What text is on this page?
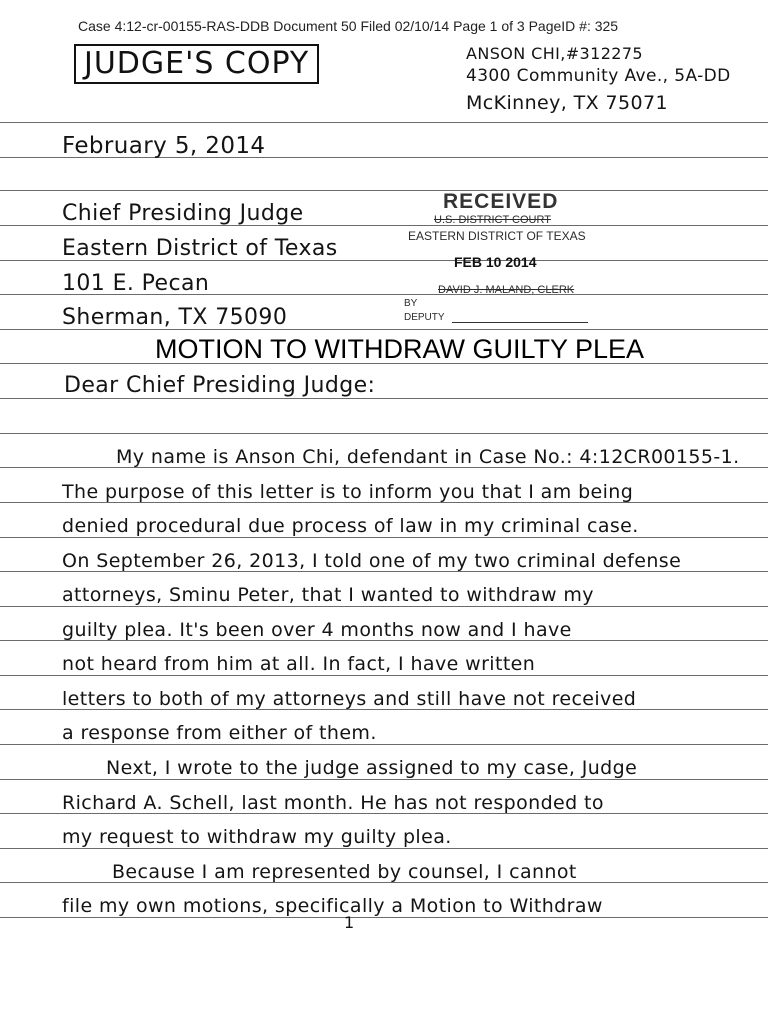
Case 4:12-cr-00155-RAS-DDB Document 50 Filed 02/10/14 Page 1 of 3 PageID #: 325
JUDGE'S COPY	ANSON CHI,#312275
4300 Community Ave., 5A-DD
McKinney, TX 75071
February 5, 2014
Chief Presiding Judge
Eastern District of Texas
101 E. Pecan
Sherman, TX 75090
RECEIVED
U.S. DISTRICT COURT
EASTERN DISTRICT OF TEXAS
FEB 10 2014
DAVID J. MALAND, CLERK
BY
DEPUTY
MOTION TO WITHDRAW GUILTY PLEA
Dear Chief Presiding Judge:
My name is Anson Chi, defendant in Case No.: 4:12CR00155-1.
The purpose of this letter is to inform you that I am being
denied procedural due process of law in my criminal case.
On September 26, 2013, I told one of my two criminal defense
attorneys, Sminu Peter, that I wanted to withdraw my
guilty plea. It's been over 4 months now and I have
not heard from him at all. In fact, I have written
letters to both of my attorneys and still have not received
a response from either of them.
Next, I wrote to the judge assigned to my case, Judge
Richard A. Schell, last month. He has not responded to
my request to withdraw my guilty plea.
Because I am represented by counsel, I cannot
file my own motions, specifically a Motion to Withdraw
1
